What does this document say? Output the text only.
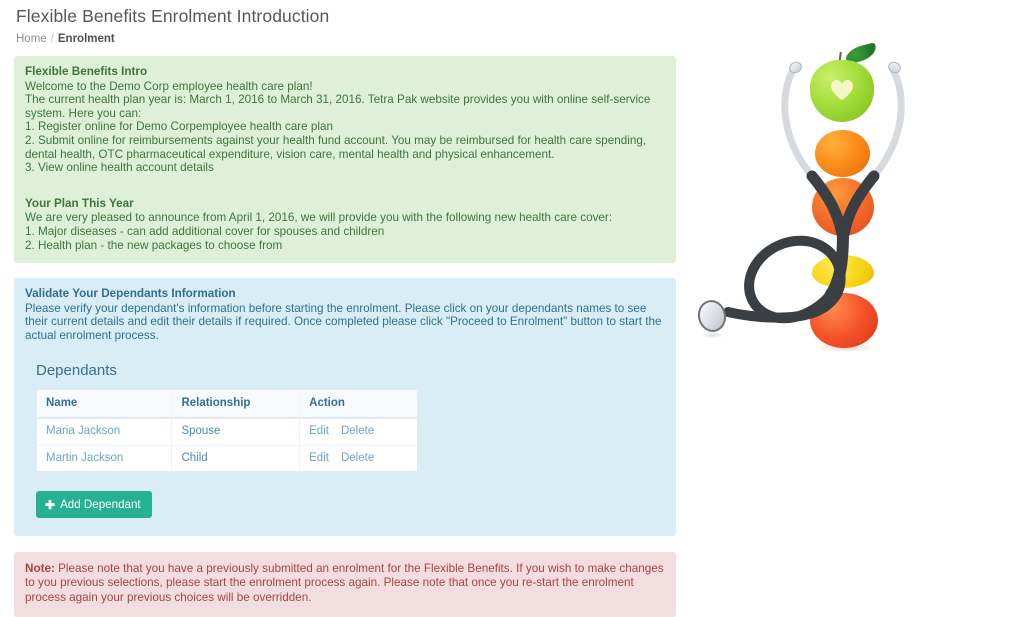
Flexible Benefits Enrolment Introduction
Home / Enrolment
Flexible Benefits Intro

Welcome to the Demo Corp employee health care plan!

The current health plan year is: March 1, 2016 to March 31, 2016. Tetra Pak website provides you with online self-service system. Here you can:

1. Register online for Demo Corpemployee health care plan

2. Submit online for reimbursements against your health fund account. You may be reimbursed for health care spending, dental health, OTC pharmaceutical expenditure, vision care, mental health and physical enhancement.

3. View online health account details

Your Plan This Year

We are very pleased to announce from April 1, 2016, we will provide you with the following new health care cover:

1. Major diseases - can add additional cover for spouses and children

2. Health plan - the new packages to choose from

Validate Your Dependants Information

Please verify your dependant's information before starting the enrolment. Please click on your dependants names to see their current details and edit their details if required. Once completed please click "Proceed to Enrolment" button to start the actual enrolment process.

Dependants
Name	Relationship	Action
Maria Jackson	Spouse	Edit Delete
Martin Jackson	Child	Edit Delete
✚ Add Dependant
Note: Please note that you have a previously submitted an enrolment for the Flexible Benefits. If you wish to make changes to you previous selections, please start the enrolment process again. Please note that once you re-start the enrolment process again your previous choices will be overridden.
